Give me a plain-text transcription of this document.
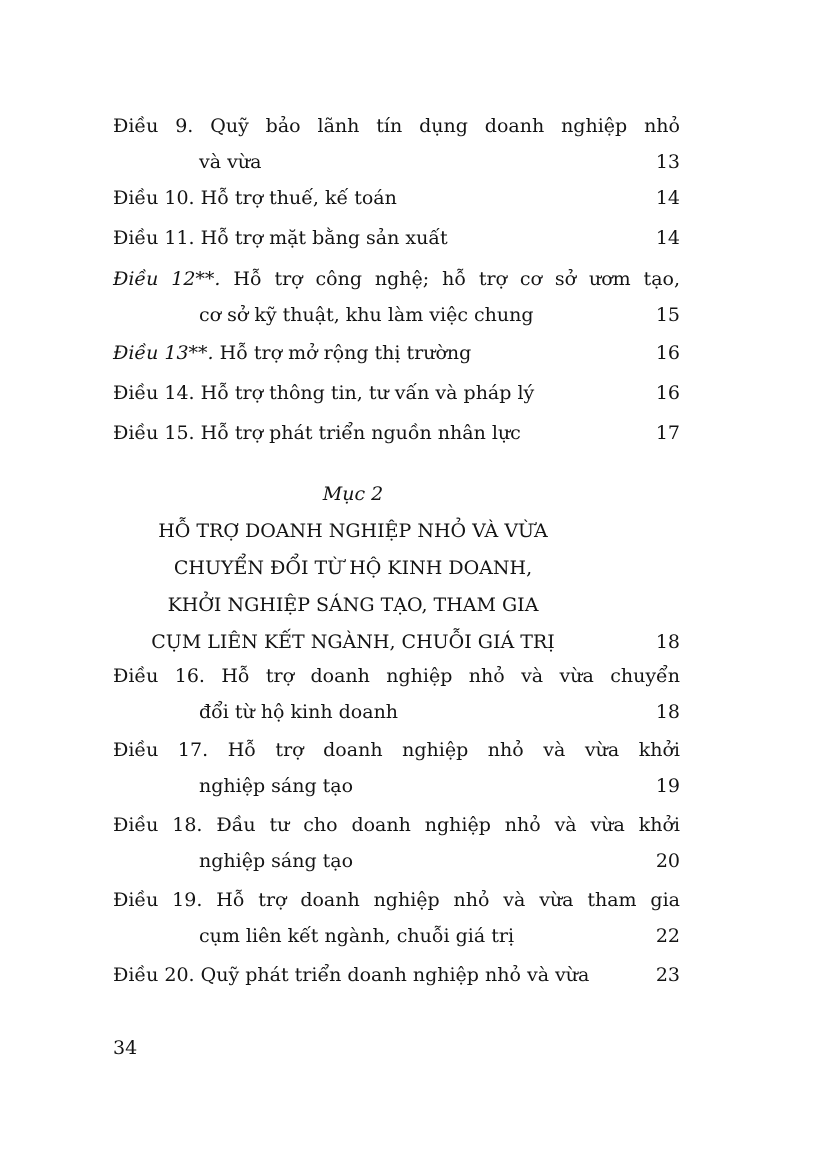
Điều 9. Quỹ bảo lãnh tín dụng doanh nghiệp nhỏ
và vừa	13
Điều 10. Hỗ trợ thuế, kế toán	14
Điều 11. Hỗ trợ mặt bằng sản xuất	14
Điều 12**. Hỗ trợ công nghệ; hỗ trợ cơ sở ươm tạo,
cơ sở kỹ thuật, khu làm việc chung	15
Điều 13**. Hỗ trợ mở rộng thị trường	16
Điều 14. Hỗ trợ thông tin, tư vấn và pháp lý	16
Điều 15. Hỗ trợ phát triển nguồn nhân lực	17
Mục 2
HỖ TRỢ DOANH NGHIỆP NHỎ VÀ VỪA
CHUYỂN ĐỔI TỪ HỘ KINH DOANH,
KHỞI NGHIỆP SÁNG TẠO, THAM GIA
CỤM LIÊN KẾT NGÀNH, CHUỖI GIÁ TRỊ	18
Điều 16. Hỗ trợ doanh nghiệp nhỏ và vừa chuyển
đổi từ hộ kinh doanh	18
Điều 17. Hỗ trợ doanh nghiệp nhỏ và vừa khởi
nghiệp sáng tạo	19
Điều 18. Đầu tư cho doanh nghiệp nhỏ và vừa khởi
nghiệp sáng tạo	20
Điều 19. Hỗ trợ doanh nghiệp nhỏ và vừa tham gia
cụm liên kết ngành, chuỗi giá trị	22
Điều 20. Quỹ phát triển doanh nghiệp nhỏ và vừa	23
34
